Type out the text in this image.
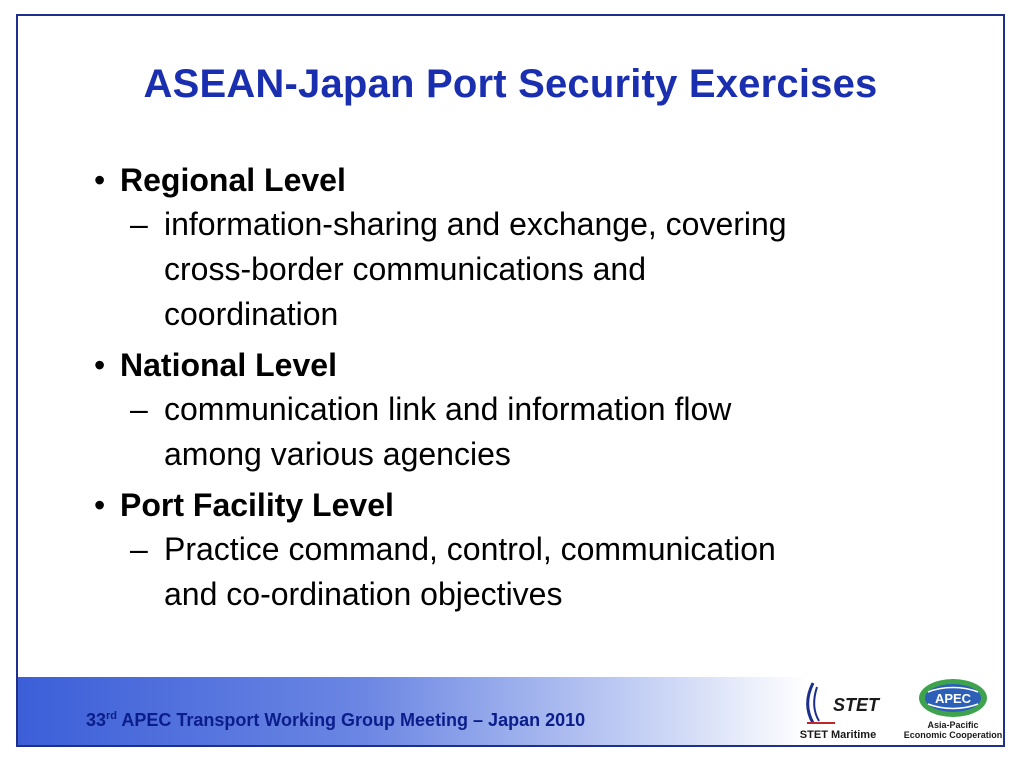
ASEAN-Japan Port Security Exercises
• Regional Level
– information-sharing and exchange, covering
cross-border communications and
coordination
• National Level
– communication link and information flow
among various agencies
• Port Facility Level
– Practice command, control, communication
and co-ordination objectives
33rd APEC Transport Working Group Meeting – Japan 2010
STET
STET Maritime
APEC
Asia-Pacific
Economic Cooperation
